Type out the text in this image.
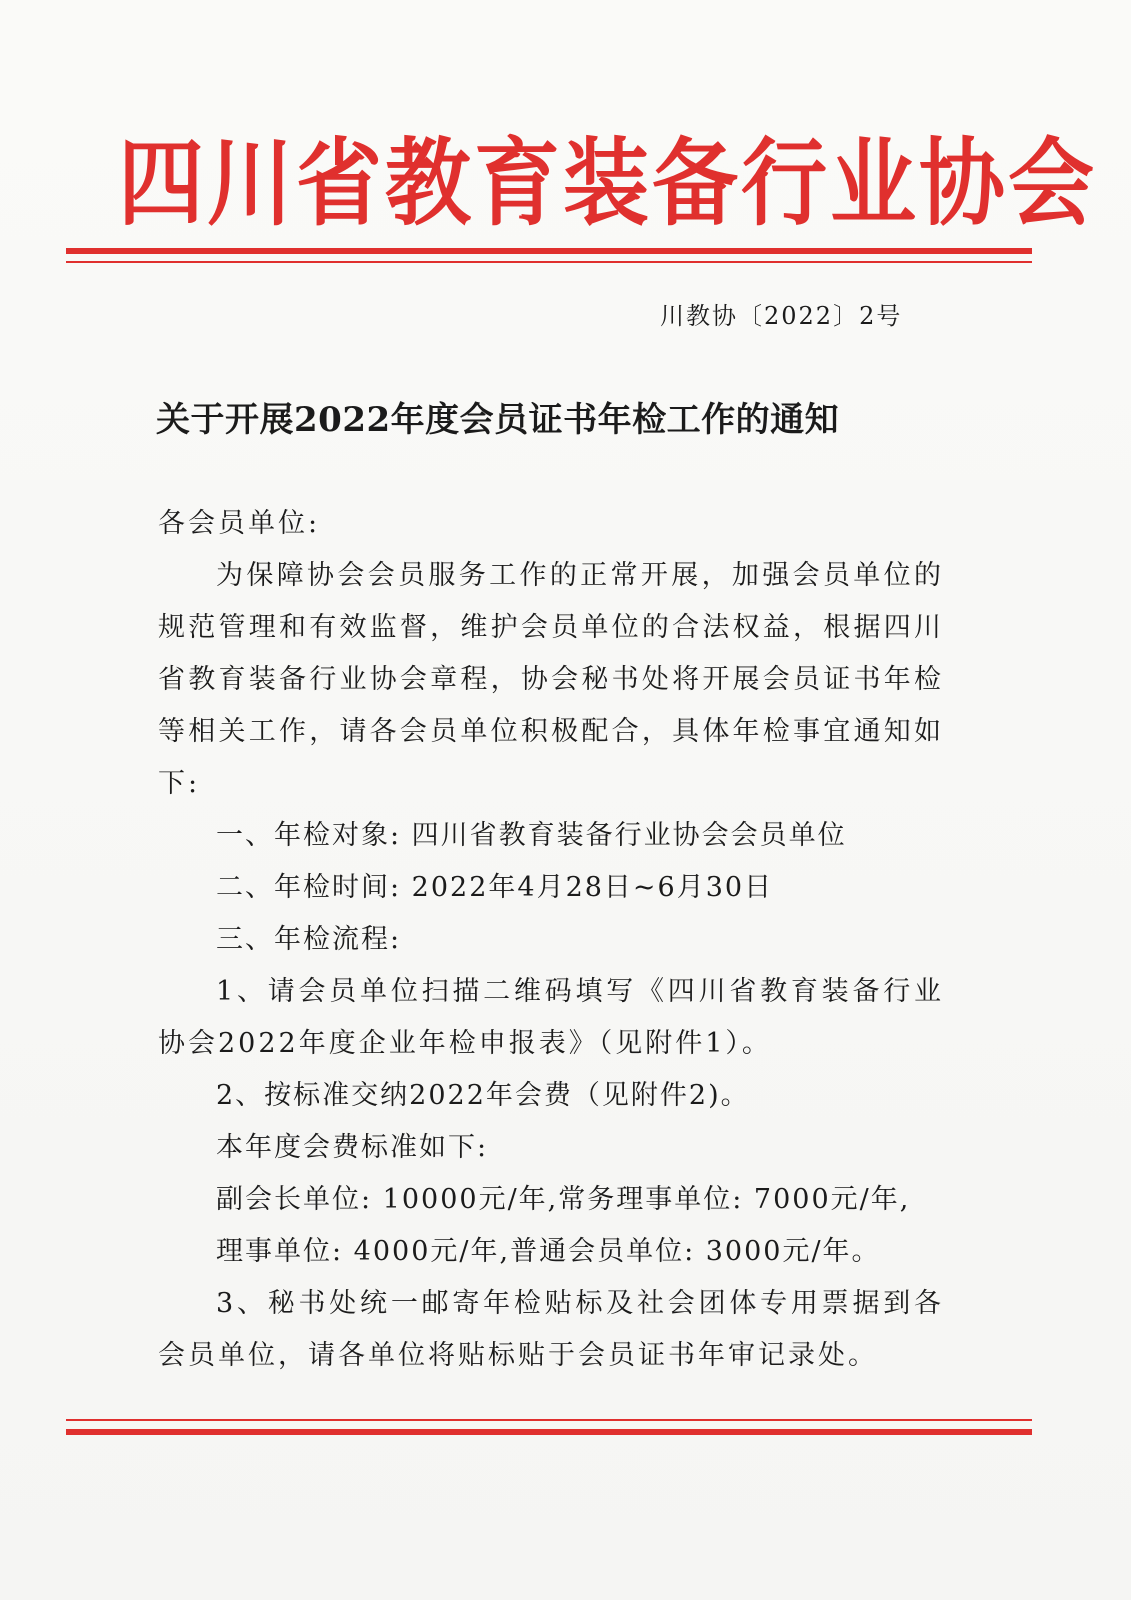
四川省教育装备行业协会
川教协〔2022〕2号
关于开展2022年度会员证书年检工作的通知
各会员单位:
为保障协会会员服务工作的正常开展，加强会员单位的规范管理和有效监督，维护会员单位的合法权益，根据四川省教育装备行业协会章程，协会秘书处将开展会员证书年检等相关工作，请各会员单位积极配合，具体年检事宜通知如下:
一、年检对象: 四川省教育装备行业协会会员单位
二、年检时间: 2022年4月28日~6月30日
三、年检流程:
1、请会员单位扫描二维码填写《四川省教育装备行业协会2022年度企业年检申报表》（见附件1）。
2、按标准交纳2022年会费（见附件2)。
本年度会费标准如下:
副会长单位: 10000元/年,常务理事单位: 7000元/年,
理事单位: 4000元/年,普通会员单位: 3000元/年。
3、秘书处统一邮寄年检贴标及社会团体专用票据到各会员单位，请各单位将贴标贴于会员证书年审记录处。
